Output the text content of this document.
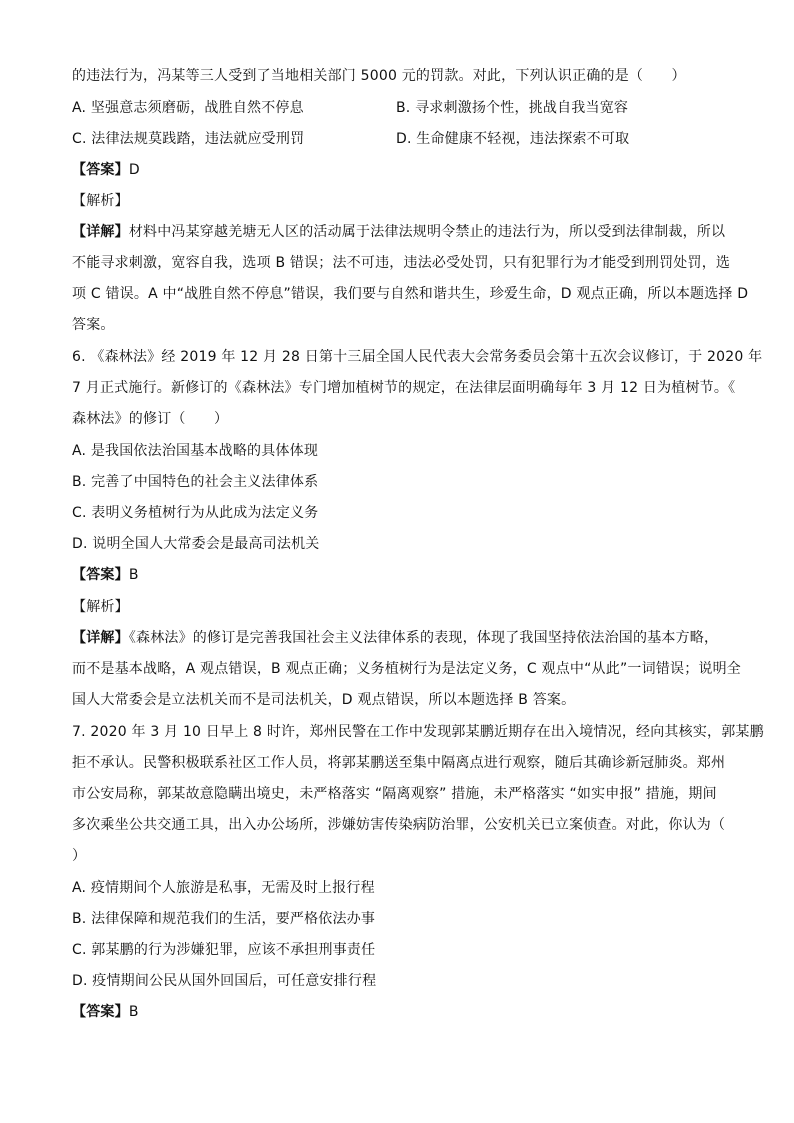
的违法行为，冯某等三人受到了当地相关部门 5000 元的罚款。对此，下列认识正确的是（　　）
A. 坚强意志须磨砺，战胜自然不停息	B. 寻求刺激扬个性，挑战自我当宽容
C. 法律法规莫践踏，违法就应受刑罚	D. 生命健康不轻视，违法探索不可取
【答案】D
【解析】
【详解】材料中冯某穿越羌塘无人区的活动属于法律法规明令禁止的违法行为，所以受到法律制裁，所以
不能寻求刺激，宽容自我，选项 B 错误；法不可违，违法必受处罚，只有犯罪行为才能受到刑罚处罚，选
项 C 错误。A 中“战胜自然不停息”错误，我们要与自然和谐共生，珍爱生命，D 观点正确，所以本题选择 D
答案。
6. 《森林法》经 2019 年 12 月 28 日第十三届全国人民代表大会常务委员会第十五次会议修订，于 2020 年
7 月正式施行。新修订的《森林法》专门增加植树节的规定，在法律层面明确每年 3 月 12 日为植树节。《
森林法》的修订（　　）
A. 是我国依法治国基本战略的具体体现
B. 完善了中国特色的社会主义法律体系
C. 表明义务植树行为从此成为法定义务
D. 说明全国人大常委会是最高司法机关
【答案】B
【解析】
【详解】《森林法》的修订是完善我国社会主义法律体系的表现，体现了我国坚持依法治国的基本方略，
而不是基本战略，A 观点错误，B 观点正确；义务植树行为是法定义务，C 观点中“从此”一词错误；说明全
国人大常委会是立法机关而不是司法机关，D 观点错误，所以本题选择 B 答案。
7. 2020 年 3 月 10 日早上 8 时许，郑州民警在工作中发现郭某鹏近期存在出入境情况，经向其核实，郭某鹏
拒不承认。民警积极联系社区工作人员，将郭某鹏送至集中隔离点进行观察，随后其确诊新冠肺炎。郑州
市公安局称，郭某故意隐瞒出境史，未严格落实 “隔离观察” 措施，未严格落实 “如实申报” 措施，期间
多次乘坐公共交通工具，出入办公场所，涉嫌妨害传染病防治罪，公安机关已立案侦查。对此，你认为（
）
A. 疫情期间个人旅游是私事，无需及时上报行程
B. 法律保障和规范我们的生活，要严格依法办事
C. 郭某鹏的行为涉嫌犯罪，应该不承担刑事责任
D. 疫情期间公民从国外回国后，可任意安排行程
【答案】B
